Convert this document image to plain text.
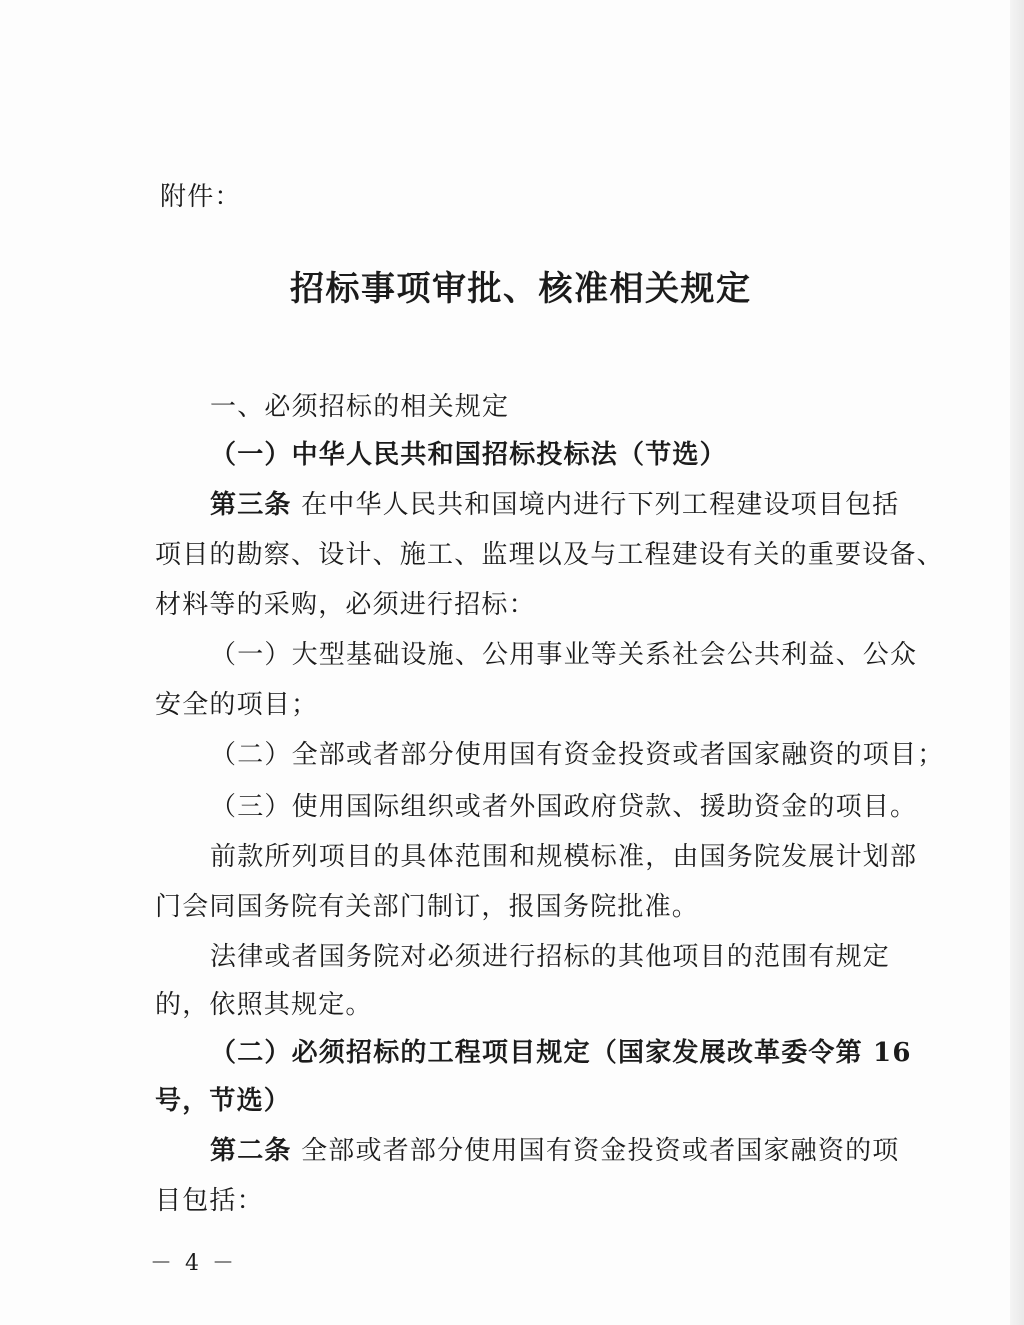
附件：
招标事项审批、核准相关规定
一、必须招标的相关规定
（一）中华人民共和国招标投标法（节选）
第三条 在中华人民共和国境内进行下列工程建设项目包括
项目的勘察、设计、施工、监理以及与工程建设有关的重要设备、
材料等的采购，必须进行招标：
（一）大型基础设施、公用事业等关系社会公共利益、公众
安全的项目；
（二）全部或者部分使用国有资金投资或者国家融资的项目；
（三）使用国际组织或者外国政府贷款、援助资金的项目。
前款所列项目的具体范围和规模标准，由国务院发展计划部
门会同国务院有关部门制订，报国务院批准。
法律或者国务院对必须进行招标的其他项目的范围有规定
的，依照其规定。
（二）必须招标的工程项目规定（国家发展改革委令第 16
号，节选）
第二条 全部或者部分使用国有资金投资或者国家融资的项
目包括：
－ 4 －
